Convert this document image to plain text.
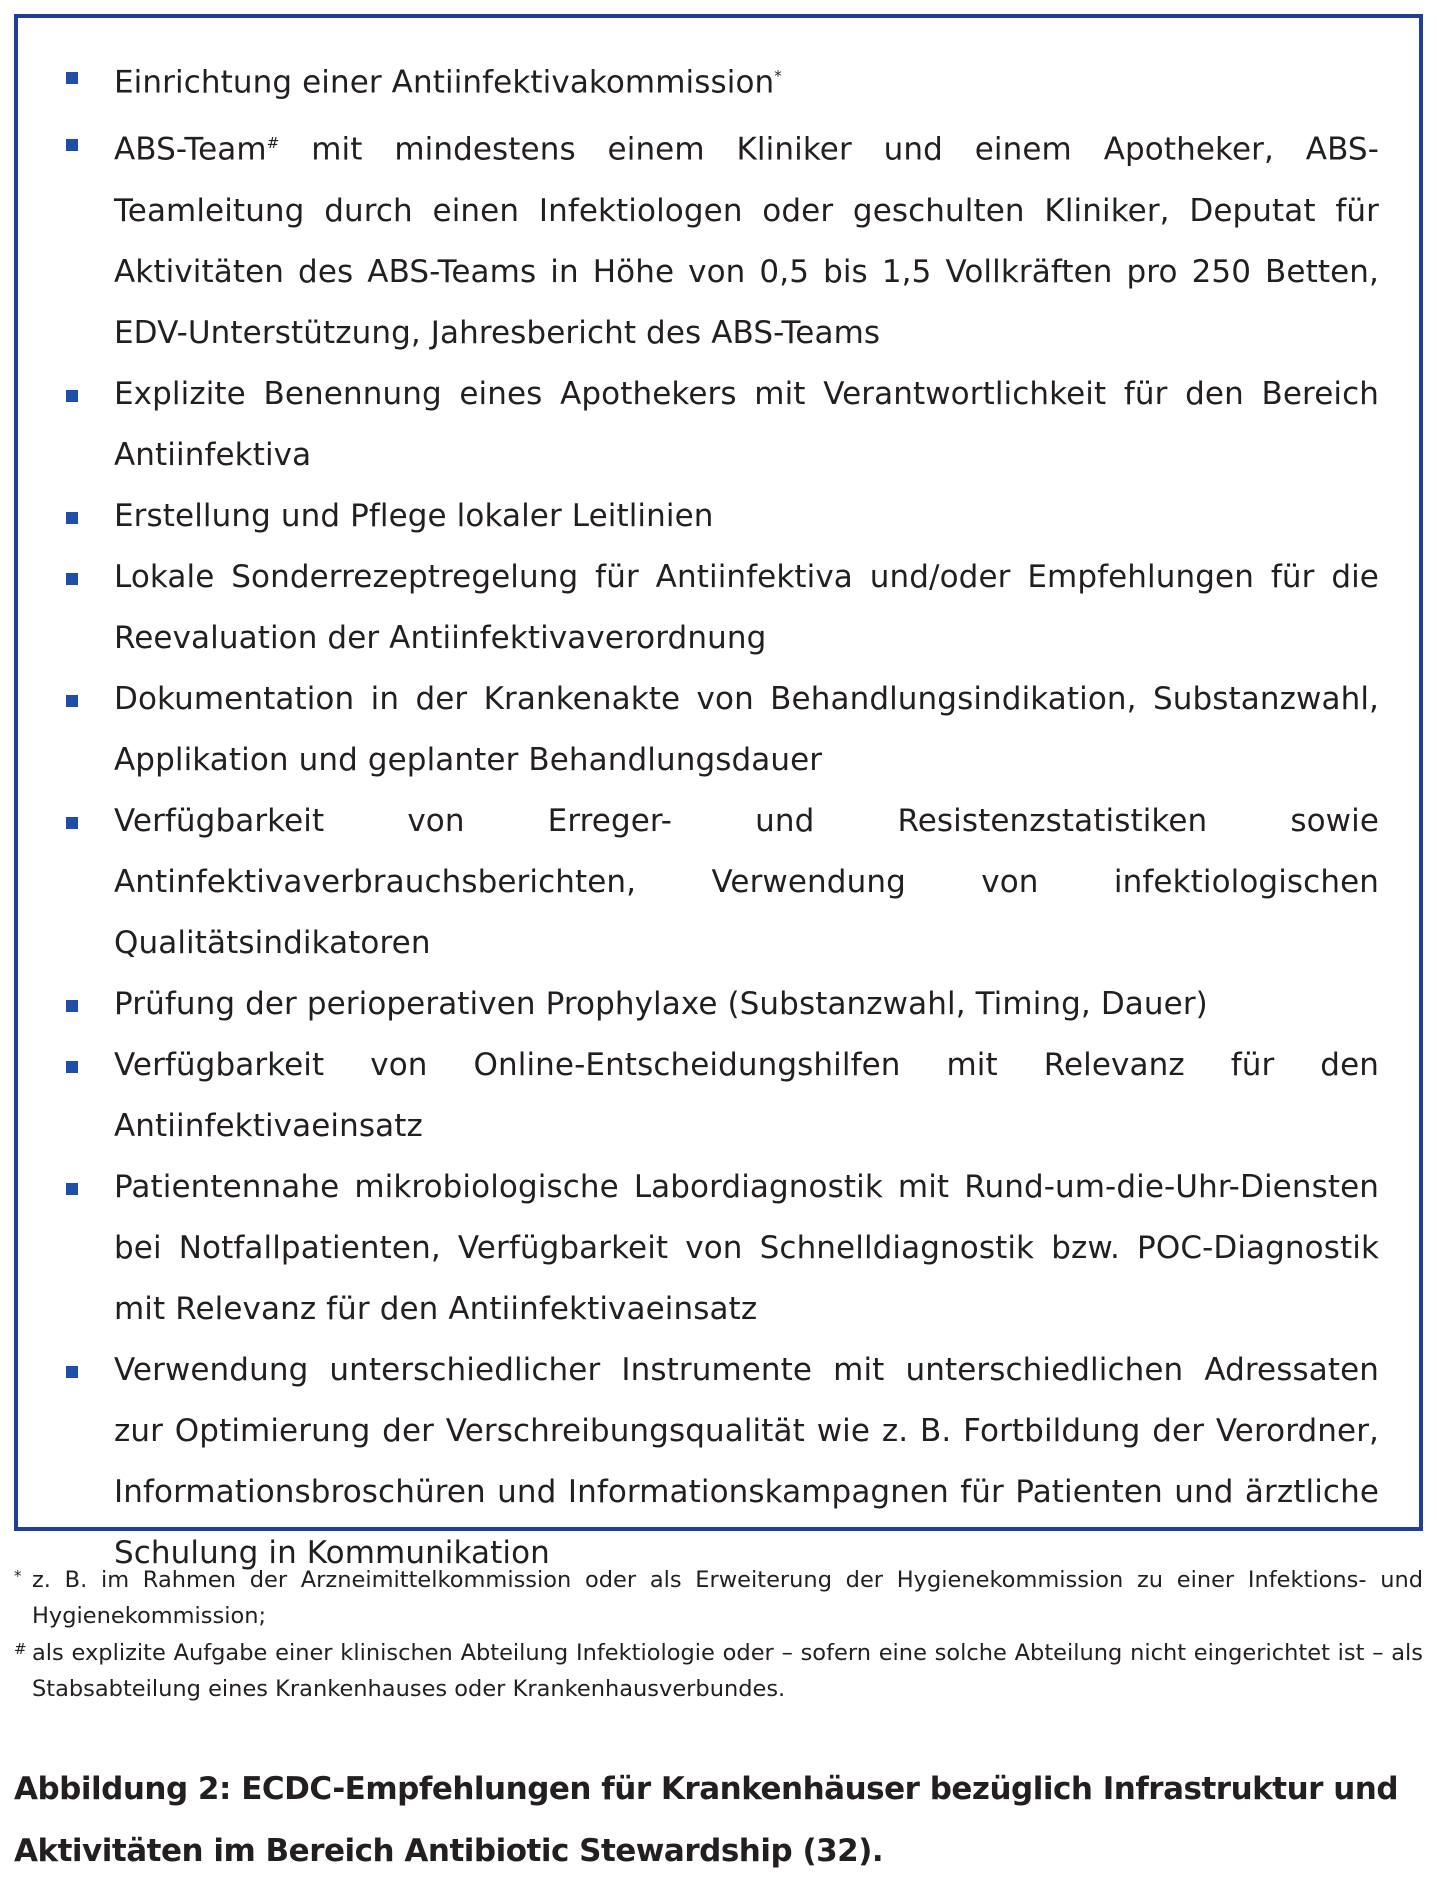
Einrichtung einer Antiinfektivakommission*
ABS-Team# mit mindestens einem Kliniker und einem Apotheker, ABS-Teamleitung durch einen Infektiologen oder geschulten Kliniker, Deputat für Aktivitäten des ABS-Teams in Höhe von 0,5 bis 1,5 Vollkräften pro 250 Betten, EDV-Unterstützung, Jahresbericht des ABS-Teams
Explizite Benennung eines Apothekers mit Verantwortlichkeit für den Bereich Antiinfektiva
Erstellung und Pflege lokaler Leitlinien
Lokale Sonderrezeptregelung für Antiinfektiva und/oder Empfehlungen für die Reevaluation der Antiinfektivaverordnung
Dokumentation in der Krankenakte von Behandlungsindikation, Substanzwahl, Applikation und geplanter Behandlungsdauer
Verfügbarkeit von Erreger- und Resistenzstatistiken sowie Antinfektivaverbrauchsberichten, Verwendung von infektiologischen Qualitätsindikatoren
Prüfung der perioperativen Prophylaxe (Substanzwahl, Timing, Dauer)
Verfügbarkeit von Online-Entscheidungshilfen mit Relevanz für den Antiinfektivaeinsatz
Patientennahe mikrobiologische Labordiagnostik mit Rund-um-die-Uhr-Diensten bei Notfallpatienten, Verfügbarkeit von Schnelldiagnostik bzw. POC-Diagnostik mit Relevanz für den Antiinfektivaeinsatz
Verwendung unterschiedlicher Instrumente mit unterschiedlichen Adressaten zur Optimierung der Verschreibungsqualität wie z. B. Fortbildung der Verordner, Informationsbroschüren und Informationskampagnen für Patienten und ärztliche Schulung in Kommunikation
* z. B. im Rahmen der Arzneimittelkommission oder als Erweiterung der Hygienekommission zu einer Infektions- und Hygienekommission;
# als explizite Aufgabe einer klinischen Abteilung Infektiologie oder – sofern eine solche Abteilung nicht eingerichtet ist – als Stabsabteilung eines Krankenhauses oder Krankenhausverbundes.
Abbildung 2: ECDC-Empfehlungen für Krankenhäuser bezüglich Infrastruktur und Aktivitäten im Bereich Antibiotic Stewardship (32).
